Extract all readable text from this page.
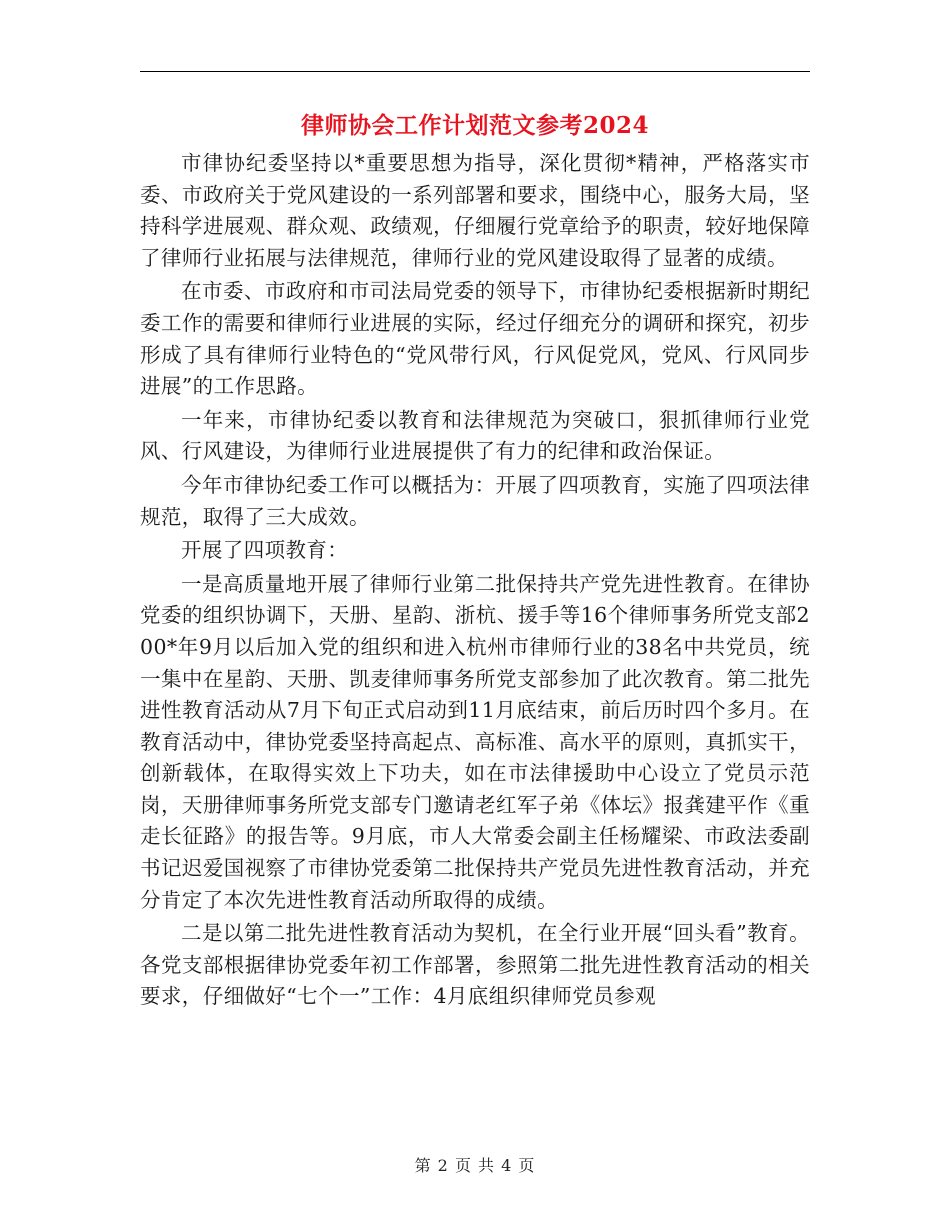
律师协会工作计划范文参考2024

市律协纪委坚持以*重要思想为指导，深化贯彻*精神，严格落实市委、市政府关于党风建设的一系列部署和要求，围绕中心，服务大局，坚持科学进展观、群众观、政绩观，仔细履行党章给予的职责，较好地保障了律师行业拓展与法律规范，律师行业的党风建设取得了显著的成绩。

在市委、市政府和市司法局党委的领导下，市律协纪委根据新时期纪委工作的需要和律师行业进展的实际，经过仔细充分的调研和探究，初步形成了具有律师行业特色的“党风带行风，行风促党风，党风、行风同步进展”的工作思路。

一年来，市律协纪委以教育和法律规范为突破口，狠抓律师行业党风、行风建设，为律师行业进展提供了有力的纪律和政治保证。

今年市律协纪委工作可以概括为：开展了四项教育，实施了四项法律规范，取得了三大成效。

开展了四项教育：

一是高质量地开展了律师行业第二批保持共产党先进性教育。在律协党委的组织协调下，天册、星韵、浙杭、援手等16个律师事务所党支部200*年9月以后加入党的组织和进入杭州市律师行业的38名中共党员，统一集中在星韵、天册、凯麦律师事务所党支部参加了此次教育。第二批先进性教育活动从7月下旬正式启动到11月底结束，前后历时四个多月。在教育活动中，律协党委坚持高起点、高标准、高水平的原则，真抓实干，创新载体，在取得实效上下功夫，如在市法律援助中心设立了党员示范岗，天册律师事务所党支部专门邀请老红军子弟《体坛》报龚建平作《重走长征路》的报告等。9月底，市人大常委会副主任杨耀梁、市政法委副书记迟爱国视察了市律协党委第二批保持共产党员先进性教育活动，并充分肯定了本次先进性教育活动所取得的成绩。

二是以第二批先进性教育活动为契机，在全行业开展“回头看”教育。各党支部根据律协党委年初工作部署，参照第二批先进性教育活动的相关要求，仔细做好“七个一”工作：4月底组织律师党员参观

第 2 页 共 4 页
